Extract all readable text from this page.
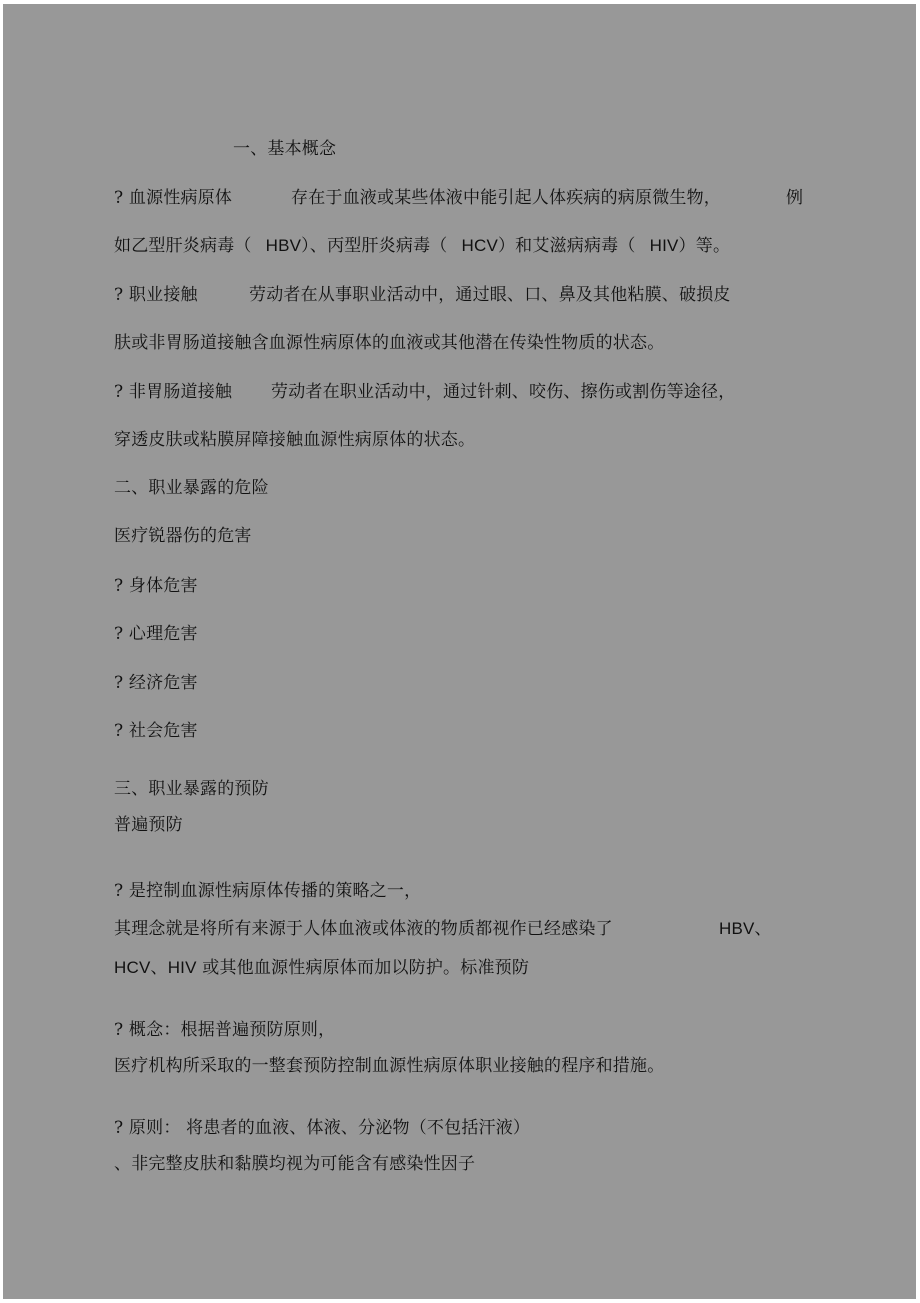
一、基本概念
? 血源性病原体	存在于血液或某些体液中能引起人体疾病的病原微生物，	例
如乙型肝炎病毒（ HBV）、丙型肝炎病毒（ HCV）和艾滋病病毒（ HIV）等。
? 职业接触	劳动者在从事职业活动中，通过眼、口、鼻及其他粘膜、破损皮
肤或非胃肠道接触含血源性病原体的血液或其他潜在传染性物质的状态。
? 非胃肠道接触 劳动者在职业活动中，通过针刺、咬伤、擦伤或割伤等途径，
穿透皮肤或粘膜屏障接触血源性病原体的状态。
二、职业暴露的危险
医疗锐器伤的危害
? 身体危害
? 心理危害
? 经济危害
? 社会危害
三、职业暴露的预防
普遍预防
? 是控制血源性病原体传播的策略之一，
其理念就是将所有来源于人体血液或体液的物质都视作已经感染了	HBV、
HCV、HIV 或其他血源性病原体而加以防护。标准预防
? 概念：根据普遍预防原则，
医疗机构所采取的一整套预防控制血源性病原体职业接触的程序和措施。
? 原则： 将患者的血液、体液、分泌物（不包括汗液）
、非完整皮肤和黏膜均视为可能含有感染性因子
